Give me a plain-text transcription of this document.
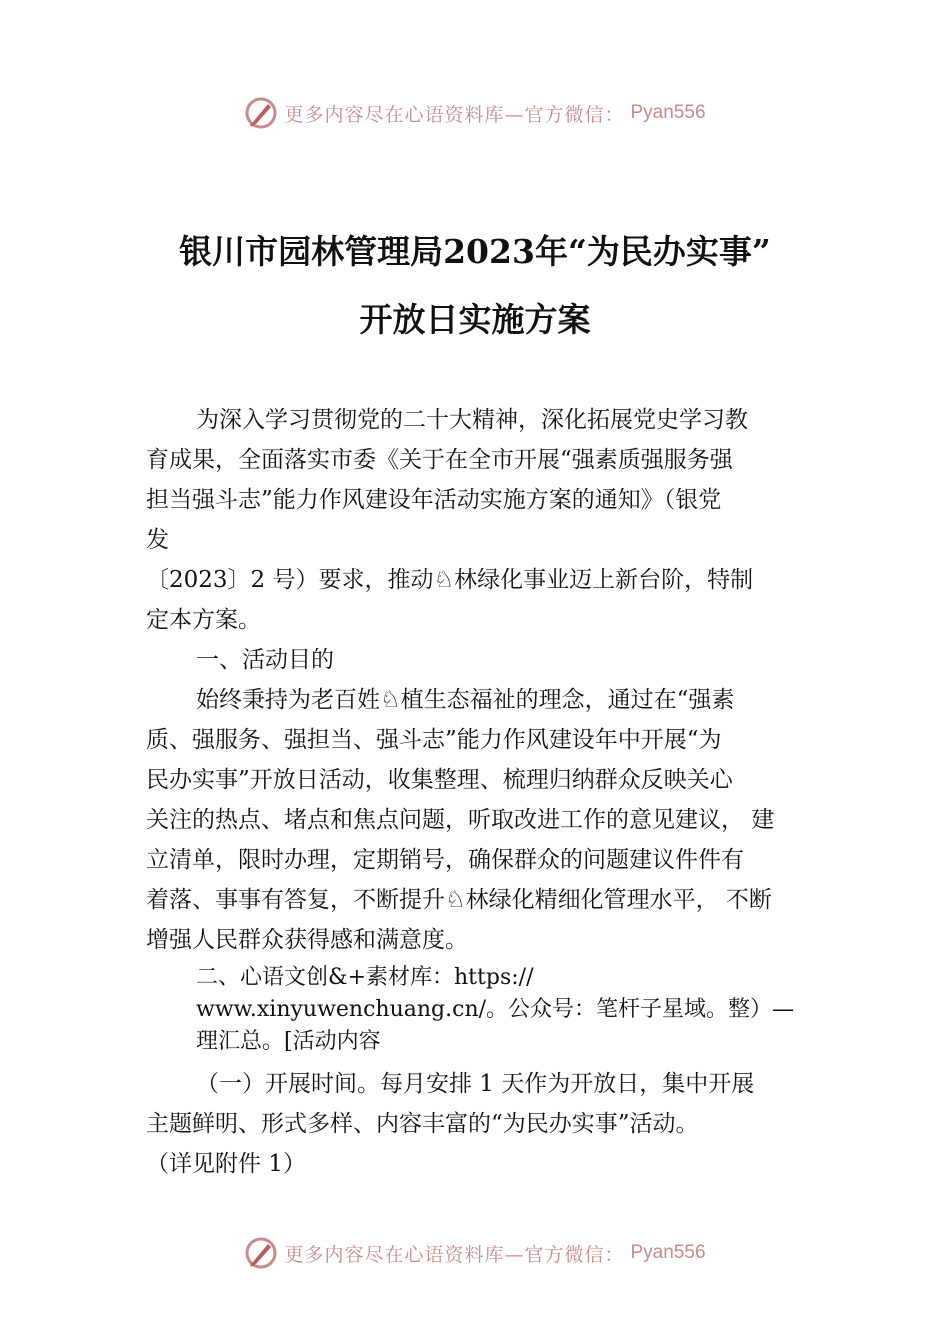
更多内容尽在心语资料库—官方微信： Pyan556
银川市园林管理局2023年“为民办实事”
开放日实施方案

为深入学习贯彻党的二十大精神，深化拓展党史学习教

育成果，全面落实市委《关于在全市开展“强素质强服务强

担当强斗志”能力作风建设年活动实施方案的通知》（银党

发

〔2023〕2 号）要求，推动♘林绿化事业迈上新台阶，特制

定本方案。

一、活动目的

始终秉持为老百姓♘植生态福祉的理念，通过在“强素

质、强服务、强担当、强斗志”能力作风建设年中开展“为

民办实事”开放日活动，收集整理、梳理归纳群众反映关心

关注的热点、堵点和焦点问题，听取改进工作的意见建议， 建

立清单，限时办理，定期销号，确保群众的问题建议件件有

着落、事事有答复，不断提升♘林绿化精细化管理水平， 不断

增强人民群众获得感和满意度。

二、心语文创&+素材库：https://

www.xinyuwenchuang.cn/。公众号：笔杆子星域。整）—

理汇总。[活动内容

（一）开展时间。每月安排 1 天作为开放日，集中开展

主题鲜明、形式多样、内容丰富的“为民办实事”活动。

（详见附件 1）

更多内容尽在心语资料库—官方微信： Pyan556
